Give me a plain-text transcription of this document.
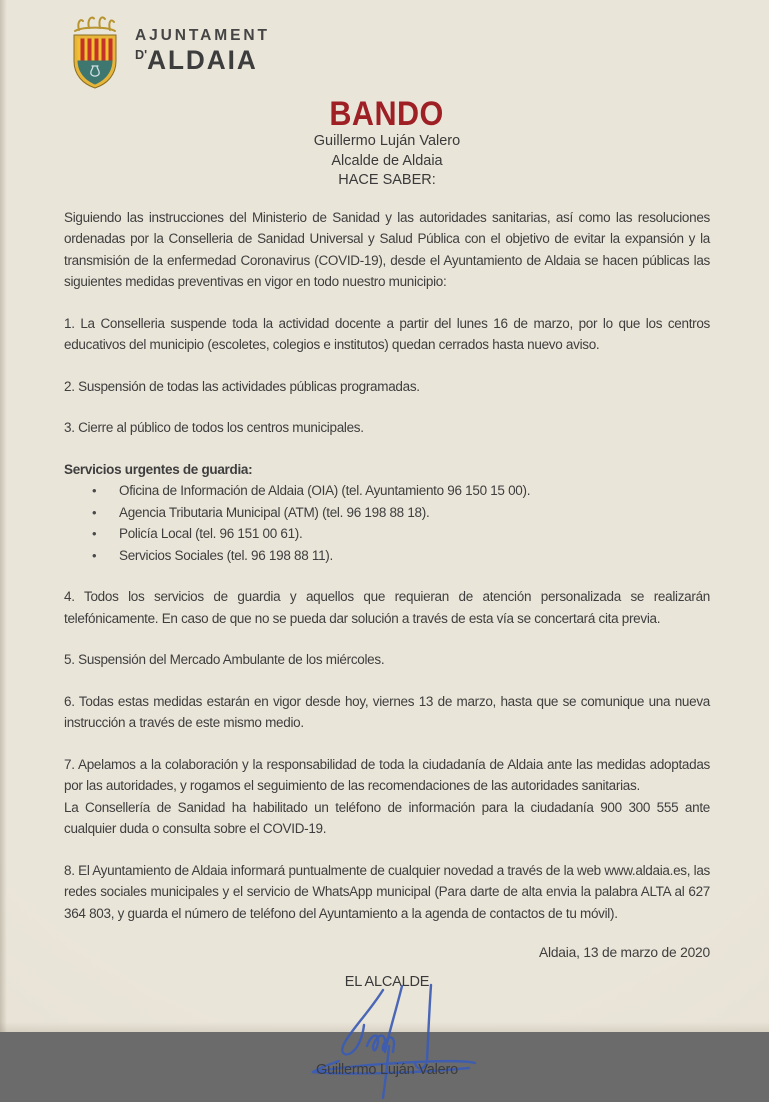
AJUNTAMENT
D' ALDAIA
BANDO
Guillermo Luján Valero
Alcalde de Aldaia
HACE SABER:

Siguiendo las instrucciones del Ministerio de Sanidad y las autoridades sanitarias, así como las resoluciones ordenadas por la Conselleria de Sanidad Universal y Salud Pública con el objetivo de evitar la expansión y la transmisión de la enfermedad Coronavirus (COVID-19), desde el Ayuntamiento de Aldaia se hacen públicas las siguientes medidas preventivas en vigor en todo nuestro municipio:

1. La Conselleria suspende toda la actividad docente a partir del lunes 16 de marzo, por lo que los centros educativos del municipio (escoletes, colegios e institutos) quedan cerrados hasta nuevo aviso.

2. Suspensión de todas las actividades públicas programadas.

3. Cierre al público de todos los centros municipales.

Servicios urgentes de guardia:

• Oficina de Información de Aldaia (OIA) (tel. Ayuntamiento 96 150 15 00).
• Agencia Tributaria Municipal (ATM) (tel. 96 198 88 18).
• Policía Local (tel. 96 151 00 61).
• Servicios Sociales (tel. 96 198 88 11).

4. Todos los servicios de guardia y aquellos que requieran de atención personalizada se realizarán telefónicamente. En caso de que no se pueda dar solución a través de esta vía se concertará cita previa.

5. Suspensión del Mercado Ambulante de los miércoles.

6. Todas estas medidas estarán en vigor desde hoy, viernes 13 de marzo, hasta que se comunique una nueva instrucción a través de este mismo medio.

7. Apelamos a la colaboración y la responsabilidad de toda la ciudadanía de Aldaia ante las medidas adoptadas por las autoridades, y rogamos el seguimiento de las recomendaciones de las autoridades sanitarias.

La Consellería de Sanidad ha habilitado un teléfono de información para la ciudadanía 900 300 555 ante cualquier duda o consulta sobre el COVID-19.

8. El Ayuntamiento de Aldaia informará puntualmente de cualquier novedad a través de la web www.aldaia.es, las redes sociales municipales y el servicio de WhatsApp municipal (Para darte de alta envia la palabra ALTA al 627 364 803, y guarda el número de teléfono del Ayuntamiento a la agenda de contactos de tu móvil).

Aldaia, 13 de marzo de 2020
EL ALCALDE
Guillermo Luján Valero
